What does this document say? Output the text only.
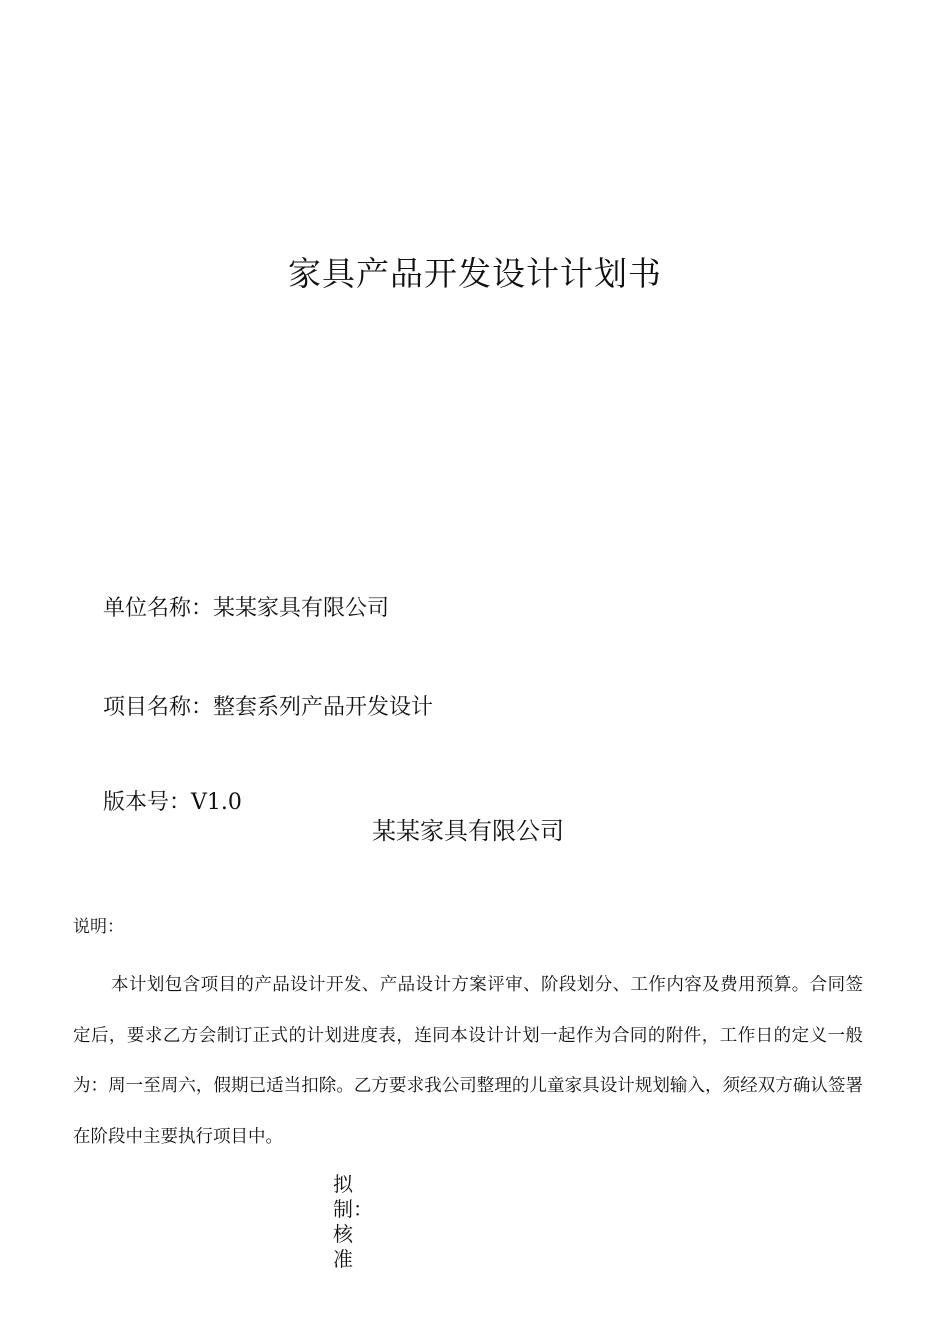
家具产品开发设计计划书
单位名称：某某家具有限公司
项目名称：整套系列产品开发设计
版本号：V1.0
某某家具有限公司
说明：
本计划包含项目的产品设计开发、产品设计方案评审、阶段划分、工作内容及费用预算。合同签定后，要求乙方会制订正式的计划进度表，连同本设计计划一起作为合同的附件，工作日的定义一般为：周一至周六，假期已适当扣除。乙方要求我公司整理的儿童家具设计规划输入，须经双方确认签署在阶段中主要执行项目中。
拟
制：
核
准
